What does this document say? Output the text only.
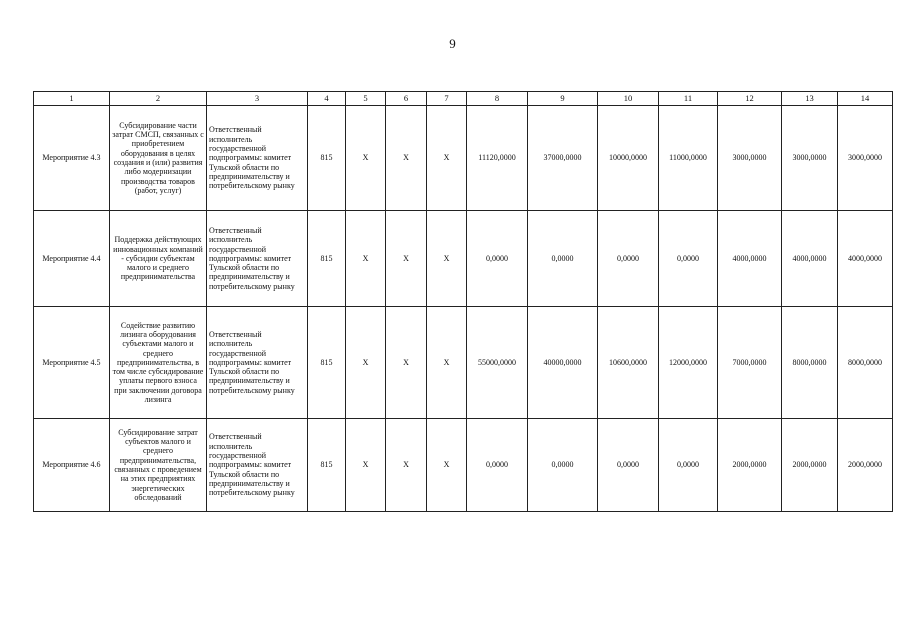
9
1	2	3	4	5	6	7	8	9	10	11	12	13	14
Мероприятие 4.3	Субсидирование части затрат СМСП, связанных с приобретением оборудования в целях создания и (или) развития либо модернизации производства товаров (работ, услуг)	Ответственный исполнитель государственной подпрограммы: комитет Тульской области по предпринимательству и потребительскому рынку	815	X	X	X	11120,0000	37000,0000	10000,0000	11000,0000	3000,0000	3000,0000	3000,0000
Мероприятие 4.4	Поддержка действующих инновационных компаний - субсидии субъектам малого и среднего предпринимательства	Ответственный исполнитель государственной подпрограммы: комитет Тульской области по предпринимательству и потребительскому рынку	815	X	X	X	0,0000	0,0000	0,0000	0,0000	4000,0000	4000,0000	4000,0000
Мероприятие 4.5	Содействие развитию лизинга оборудования субъектами малого и среднего предпринимательства, в том числе субсидирование уплаты первого взноса при заключении договора лизинга	Ответственный исполнитель государственной подпрограммы: комитет Тульской области по предпринимательству и потребительскому рынку	815	X	X	X	55000,0000	40000,0000	10600,0000	12000,0000	7000,0000	8000,0000	8000,0000
Мероприятие 4.6	Субсидирование затрат субъектов малого и среднего предпринимательства, связанных с проведением на этих предприятиях энергетических обследований	Ответственный исполнитель государственной подпрограммы: комитет Тульской области по предпринимательству и потребительскому рынку	815	X	X	X	0,0000	0,0000	0,0000	0,0000	2000,0000	2000,0000	2000,0000
